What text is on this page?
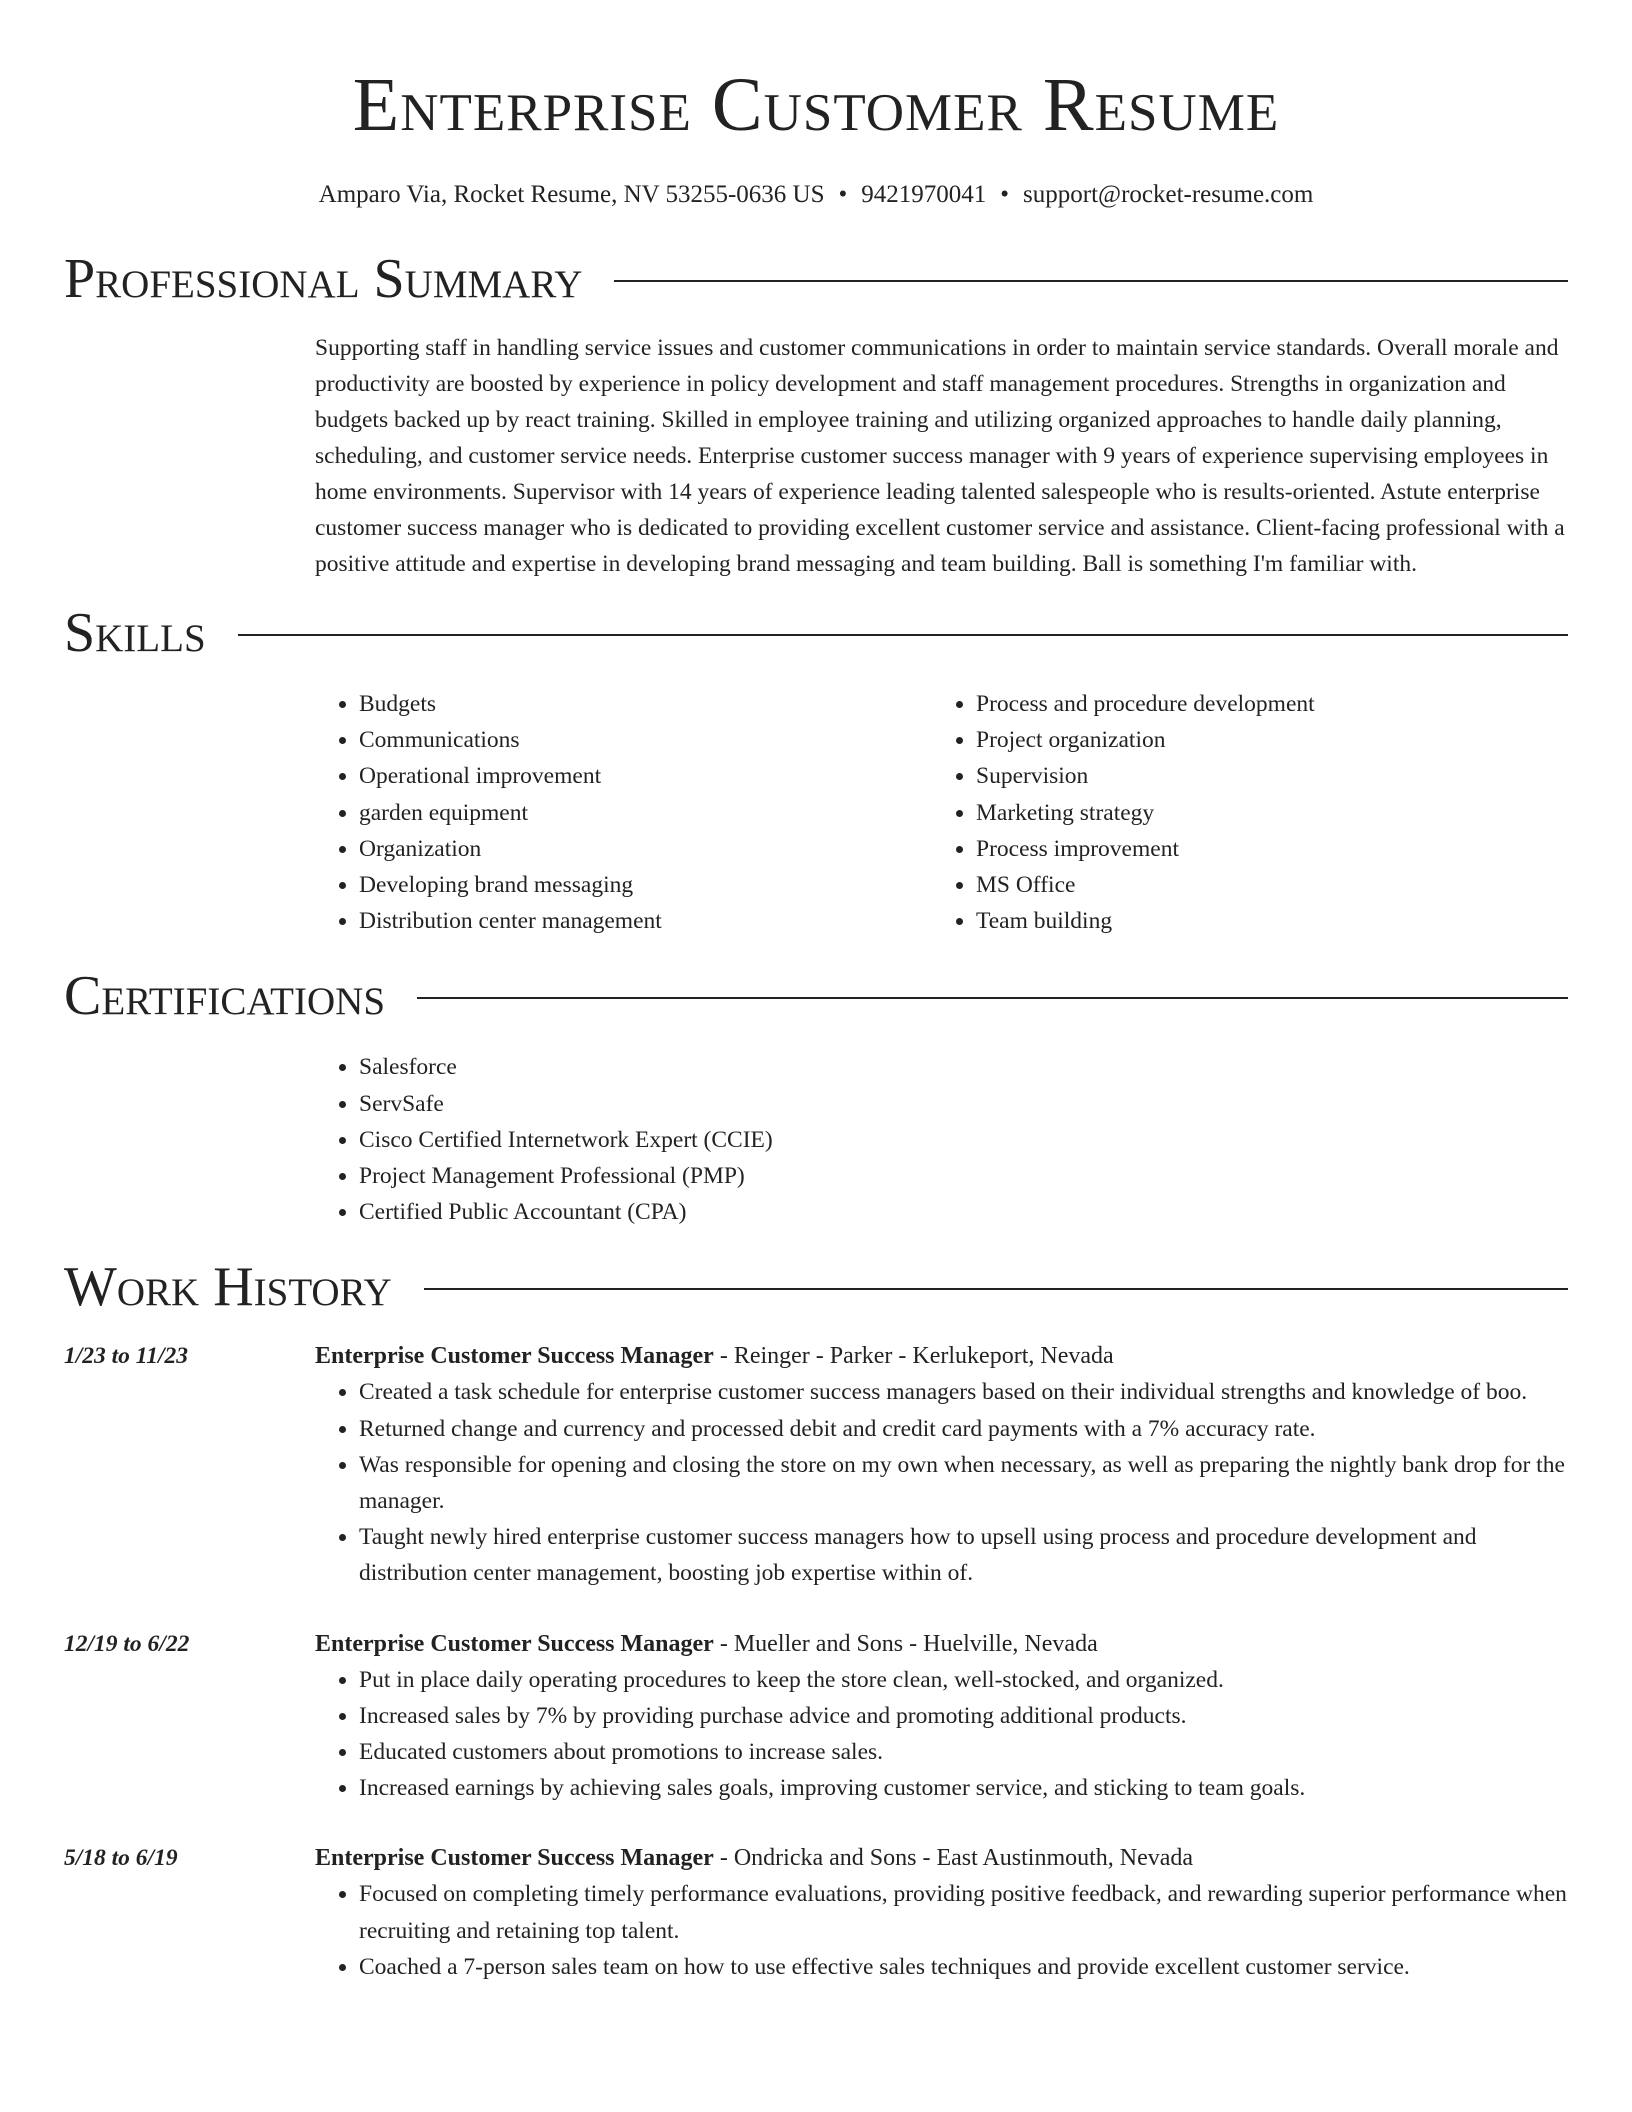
Enterprise Customer Resume
Amparo Via, Rocket Resume, NV 53255-0636 US • 9421970041 • support@rocket-resume.com
Professional Summary
Supporting staff in handling service issues and customer communications in order to maintain service standards. Overall morale and productivity are boosted by experience in policy development and staff management procedures. Strengths in organization and budgets backed up by react training. Skilled in employee training and utilizing organized approaches to handle daily planning, scheduling, and customer service needs. Enterprise customer success manager with 9 years of experience supervising employees in home environments. Supervisor with 14 years of experience leading talented salespeople who is results-oriented. Astute enterprise customer success manager who is dedicated to providing excellent customer service and assistance. Client-facing professional with a positive attitude and expertise in developing brand messaging and team building. Ball is something I'm familiar with.
Skills
• Budgets
• Communications
• Operational improvement
• garden equipment
• Organization
• Developing brand messaging
• Distribution center management
• Process and procedure development
• Project organization
• Supervision
• Marketing strategy
• Process improvement
• MS Office
• Team building
Certifications
• Salesforce
• ServSafe
• Cisco Certified Internetwork Expert (CCIE)
• Project Management Professional (PMP)
• Certified Public Accountant (CPA)
Work History
1/23 to 11/23	Enterprise Customer Success Manager - Reinger - Parker - Kerlukeport, Nevada
• Created a task schedule for enterprise customer success managers based on their individual strengths and knowledge of boo.
• Returned change and currency and processed debit and credit card payments with a 7% accuracy rate.
• Was responsible for opening and closing the store on my own when necessary, as well as preparing the nightly bank drop for the manager.
• Taught newly hired enterprise customer success managers how to upsell using process and procedure development and distribution center management, boosting job expertise within of.
12/19 to 6/22	Enterprise Customer Success Manager - Mueller and Sons - Huelville, Nevada
• Put in place daily operating procedures to keep the store clean, well-stocked, and organized.
• Increased sales by 7% by providing purchase advice and promoting additional products.
• Educated customers about promotions to increase sales.
• Increased earnings by achieving sales goals, improving customer service, and sticking to team goals.
5/18 to 6/19	Enterprise Customer Success Manager - Ondricka and Sons - East Austinmouth, Nevada
• Focused on completing timely performance evaluations, providing positive feedback, and rewarding superior performance when recruiting and retaining top talent.
• Coached a 7-person sales team on how to use effective sales techniques and provide excellent customer service.
